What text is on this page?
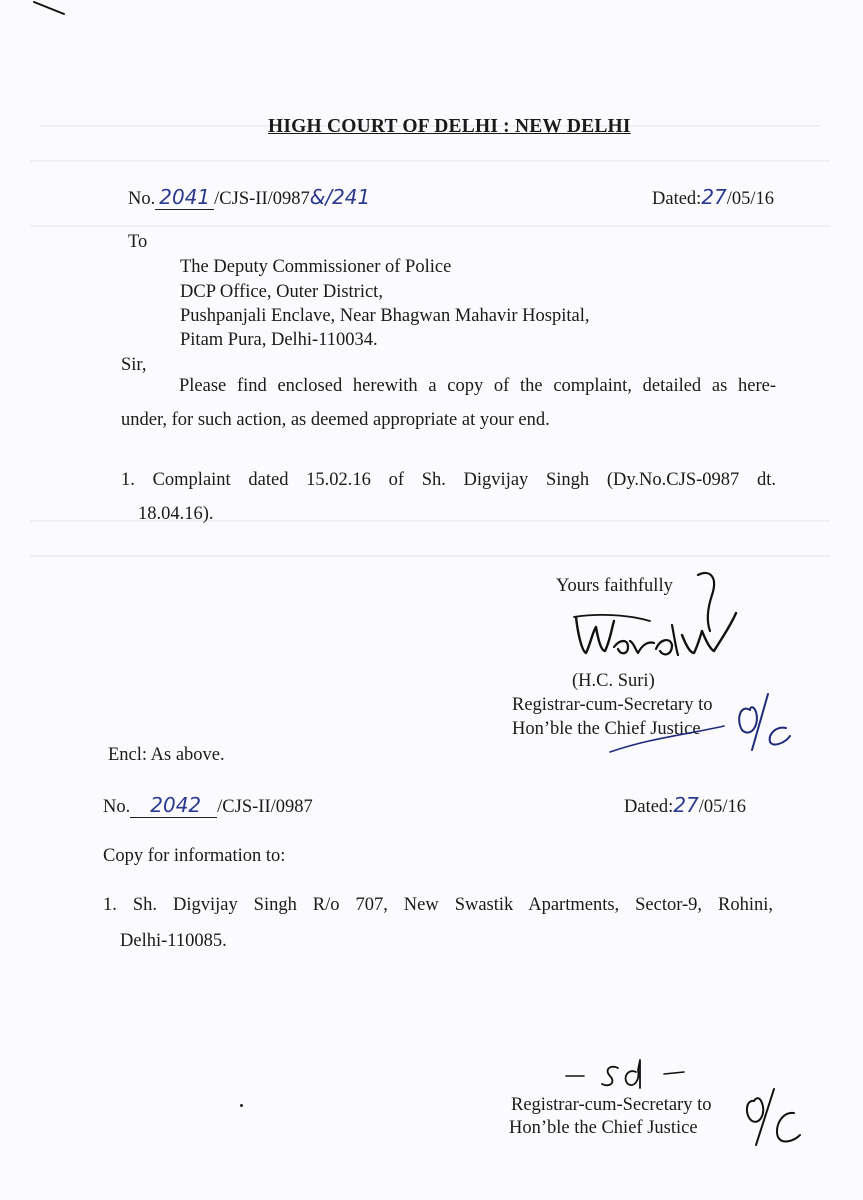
HIGH COURT OF DELHI : NEW DELHI
No. 2041 /CJS-II/0987&/241	Dated:27/05/16
To
The Deputy Commissioner of Police
DCP Office, Outer District,
Pushpanjali Enclave, Near Bhagwan Mahavir Hospital,
Pitam Pura, Delhi-110034.
Sir,
Please find enclosed herewith a copy of the complaint, detailed as here-
under, for such action, as deemed appropriate at your end.
1. Complaint dated 15.02.16 of Sh. Digvijay Singh (Dy.No.CJS-0987 dt.
18.04.16).
Yours faithfully
(H.C. Suri)
Registrar-cum-Secretary to
Hon’ble the Chief Justice
Encl: As above.
No. 2042 /CJS-II/0987	Dated:27/05/16
Copy for information to:
1. Sh. Digvijay Singh R/o 707, New Swastik Apartments, Sector-9, Rohini,
Delhi-110085.
Registrar-cum-Secretary to
Hon’ble the Chief Justice
